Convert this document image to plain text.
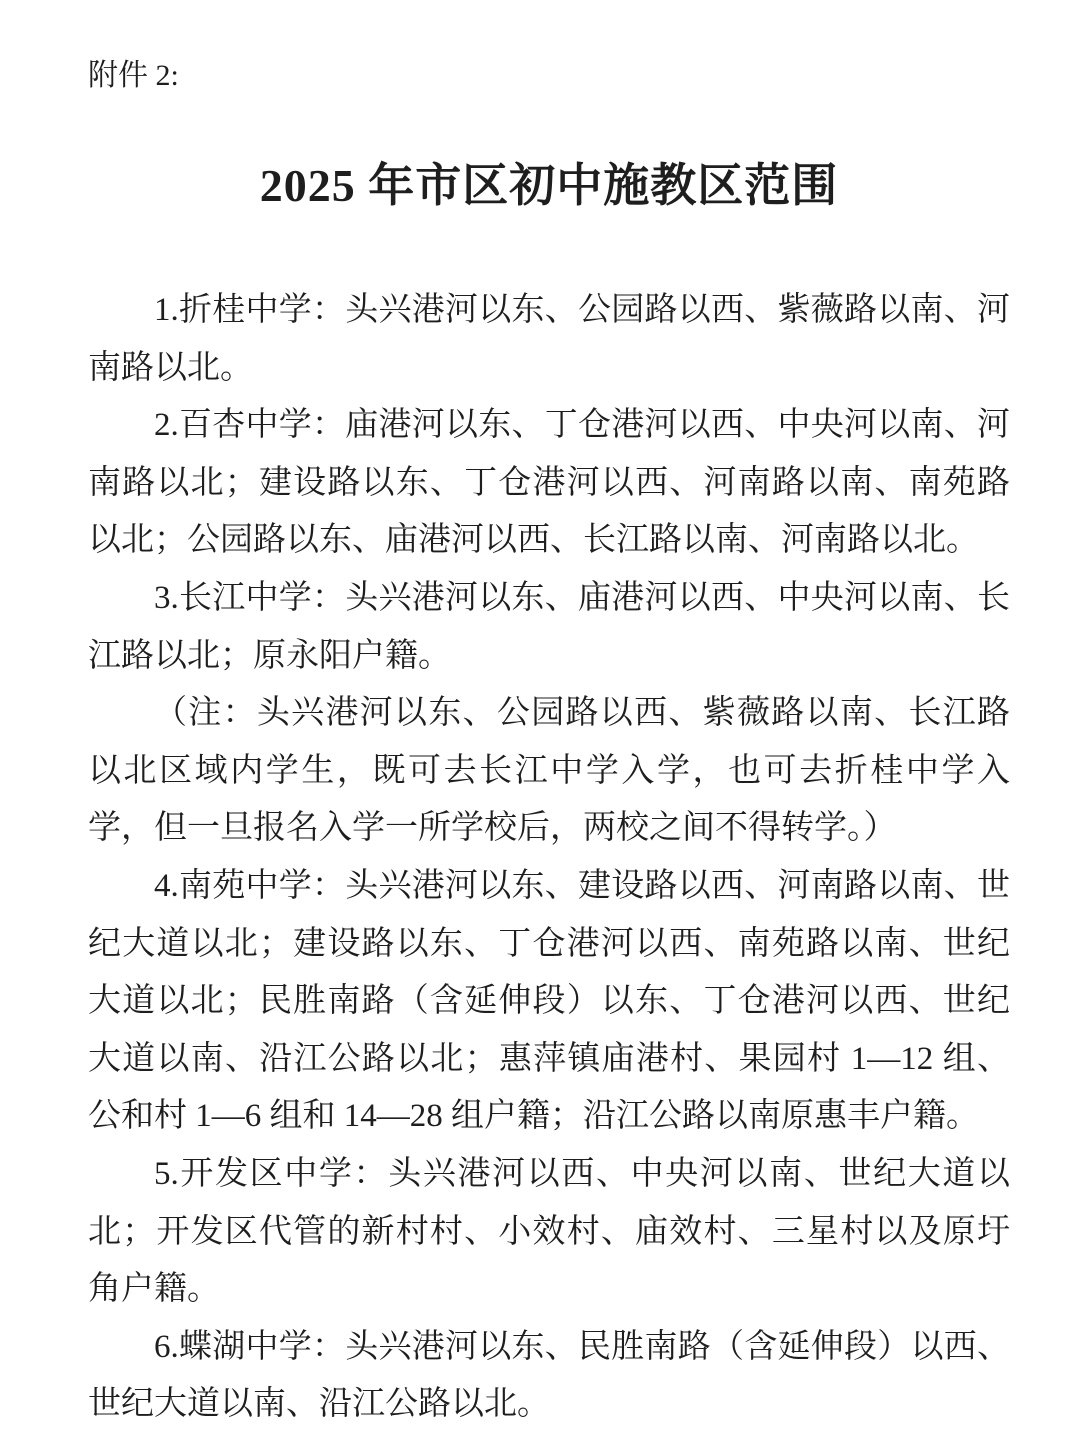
附件 2:
2025 年市区初中施教区范围

1.折桂中学：头兴港河以东、公园路以西、紫薇路以南、河南路以北。

2.百杏中学：庙港河以东、丁仓港河以西、中央河以南、河南路以北；建设路以东、丁仓港河以西、河南路以南、南苑路以北；公园路以东、庙港河以西、长江路以南、河南路以北。

3.长江中学：头兴港河以东、庙港河以西、中央河以南、长江路以北；原永阳户籍。

（注：头兴港河以东、公园路以西、紫薇路以南、长江路以北区域内学生，既可去长江中学入学，也可去折桂中学入学，但一旦报名入学一所学校后，两校之间不得转学。）

4.南苑中学：头兴港河以东、建设路以西、河南路以南、世纪大道以北；建设路以东、丁仓港河以西、南苑路以南、世纪大道以北；民胜南路（含延伸段）以东、丁仓港河以西、世纪大道以南、沿江公路以北；惠萍镇庙港村、果园村 1—12 组、公和村 1—6 组和 14—28 组户籍；沿江公路以南原惠丰户籍。

5.开发区中学：头兴港河以西、中央河以南、世纪大道以北；开发区代管的新村村、小效村、庙效村、三星村以及原圩角户籍。

6.蝶湖中学：头兴港河以东、民胜南路（含延伸段）以西、世纪大道以南、沿江公路以北。
